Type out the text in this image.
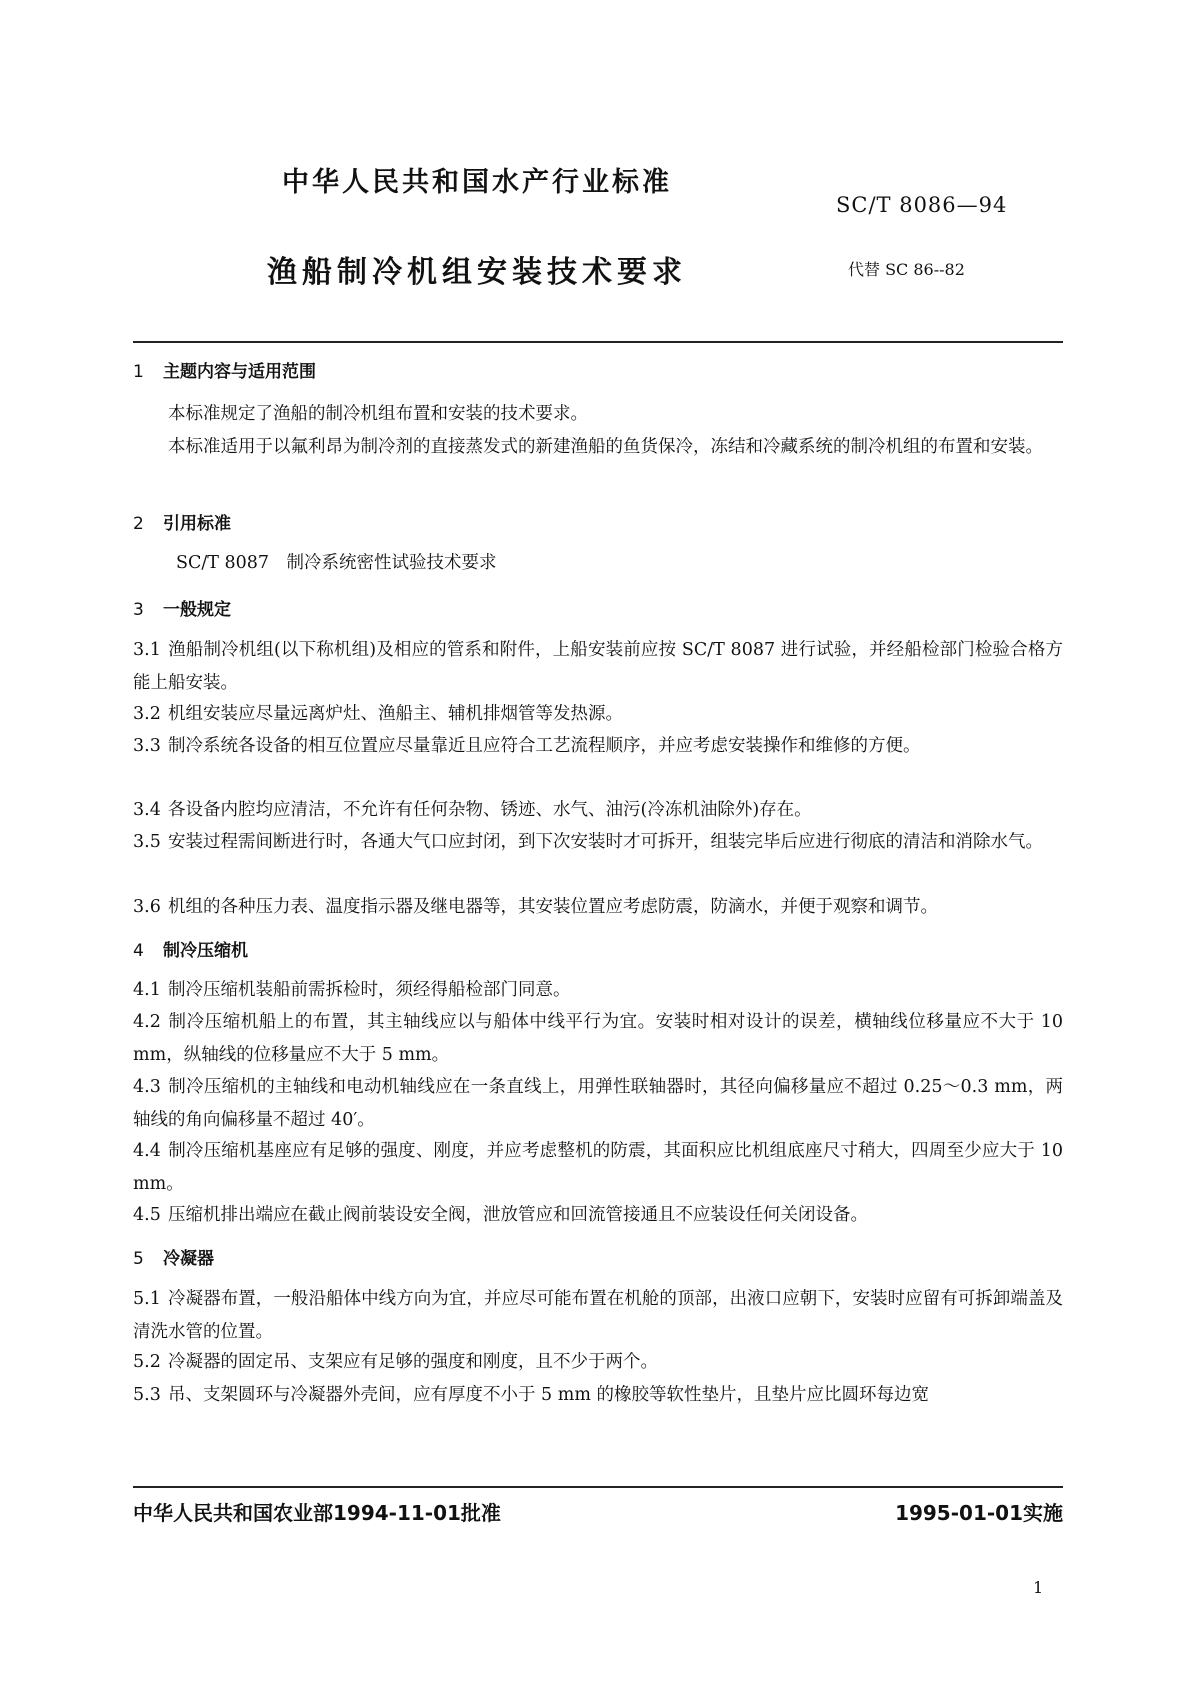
中华人民共和国水产行业标准
SC/T 8086—94
渔船制冷机组安装技术要求	代替 SC 86--82
1 主题内容与适用范围
本标准规定了渔船的制冷机组布置和安装的技术要求。
本标准适用于以氟利昂为制冷剂的直接蒸发式的新建渔船的鱼货保冷，冻结和冷藏系统的制冷机组的布置和安装。
2 引用标准
SC/T 8087　制冷系统密性试验技术要求
3 一般规定
3.1 渔船制冷机组(以下称机组)及相应的管系和附件，上船安装前应按 SC/T 8087 进行试验，并经船检部门检验合格方能上船安装。
3.2 机组安装应尽量远离炉灶、渔船主、辅机排烟管等发热源。
3.3 制冷系统各设备的相互位置应尽量靠近且应符合工艺流程顺序，并应考虑安装操作和维修的方便。
3.4 各设备内腔均应清洁，不允许有任何杂物、锈迹、水气、油污(冷冻机油除外)存在。
3.5 安装过程需间断进行时，各通大气口应封闭，到下次安装时才可拆开，组装完毕后应进行彻底的清洁和消除水气。
3.6 机组的各种压力表、温度指示器及继电器等，其安装位置应考虑防震，防滴水，并便于观察和调节。
4 制冷压缩机
4.1 制冷压缩机装船前需拆检时，须经得船检部门同意。
4.2 制冷压缩机船上的布置，其主轴线应以与船体中线平行为宜。安装时相对设计的误差，横轴线位移量应不大于 10 mm，纵轴线的位移量应不大于 5 mm。
4.3 制冷压缩机的主轴线和电动机轴线应在一条直线上，用弹性联轴器时，其径向偏移量应不超过 0.25～0.3 mm，两轴线的角向偏移量不超过 40′。
4.4 制冷压缩机基座应有足够的强度、刚度，并应考虑整机的防震，其面积应比机组底座尺寸稍大，四周至少应大于 10 mm。
4.5 压缩机排出端应在截止阀前装设安全阀，泄放管应和回流管接通且不应装设任何关闭设备。
5 冷凝器
5.1 冷凝器布置，一般沿船体中线方向为宜，并应尽可能布置在机舱的顶部，出液口应朝下，安装时应留有可拆卸端盖及清洗水管的位置。
5.2 冷凝器的固定吊、支架应有足够的强度和刚度，且不少于两个。
5.3 吊、支架圆环与冷凝器外壳间，应有厚度不小于 5 mm 的橡胶等软性垫片，且垫片应比圆环每边宽
中华人民共和国农业部1994-11-01批准	1995-01-01实施
1
